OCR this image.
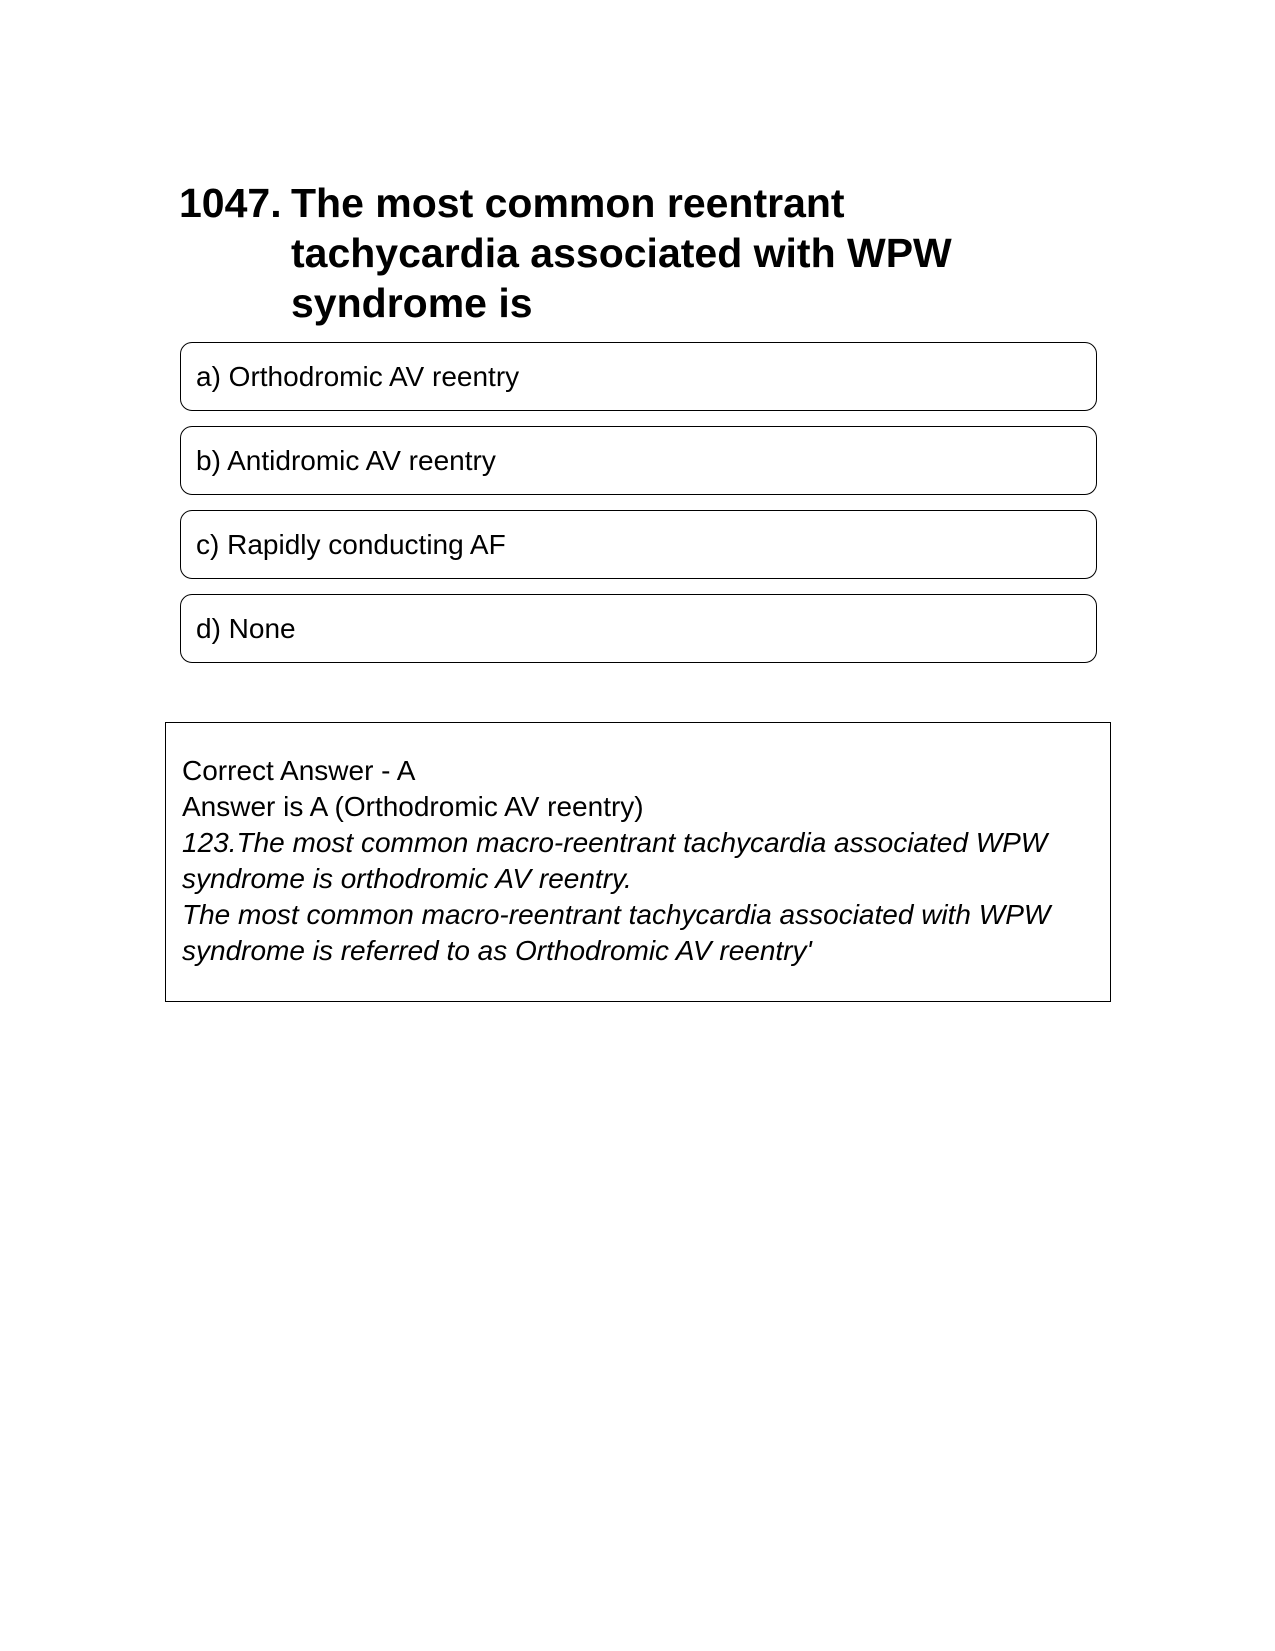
1047. The most common reentrant tachycardia associated with WPW syndrome is
a) Orthodromic AV reentry
b) Antidromic AV reentry
c) Rapidly conducting AF
d) None
Correct Answer - A
Answer is A (Orthodromic AV reentry)
123.The most common macro-reentrant tachycardia associated WPW syndrome is orthodromic AV reentry.
The most common macro-reentrant tachycardia associated with WPW syndrome is referred to as Orthodromic AV reentry'
